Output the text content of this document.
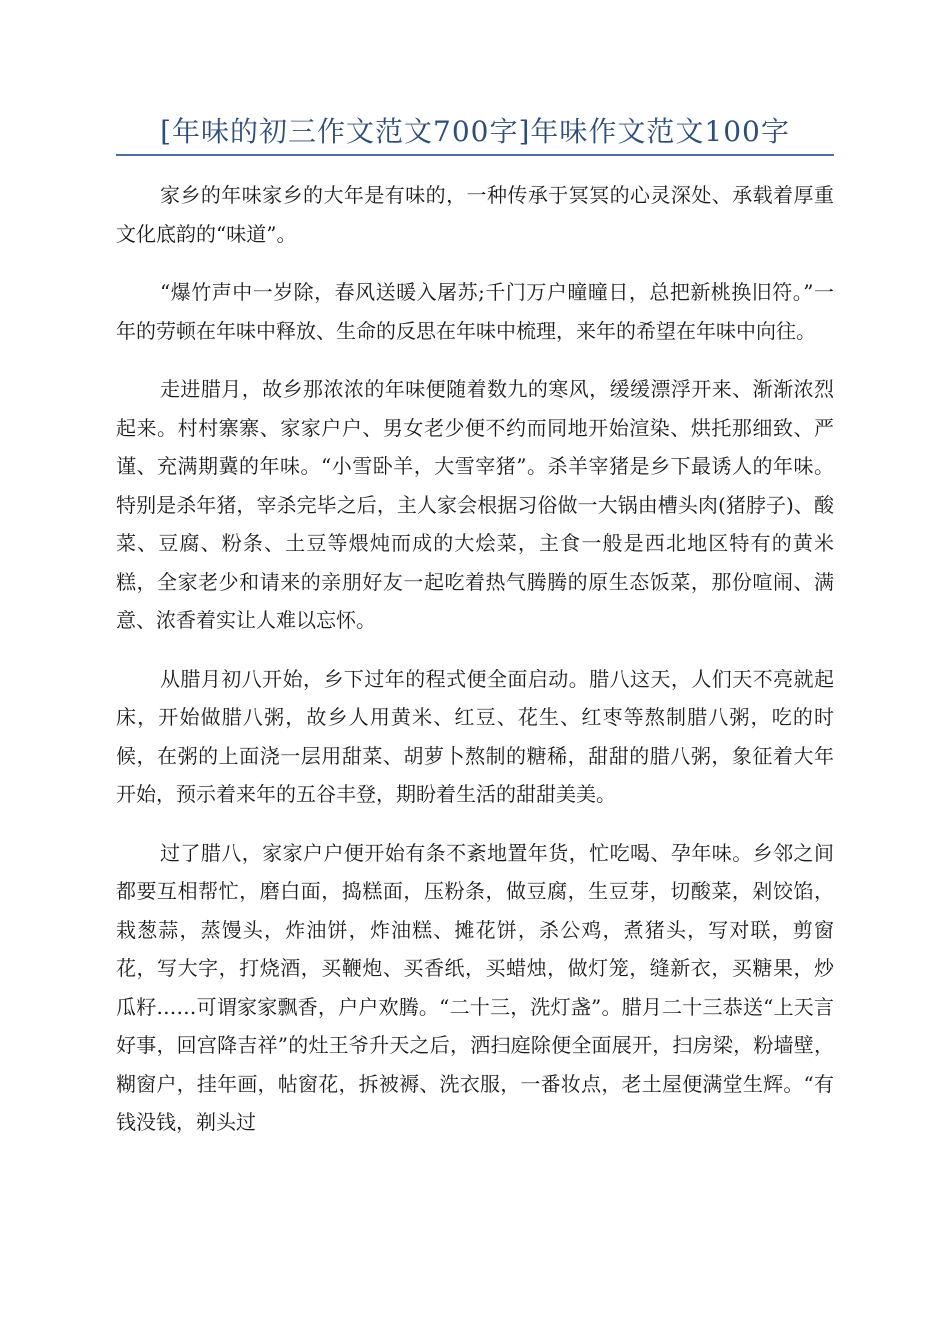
[年味的初三作文范文700字]年味作文范文100字

家乡的年味家乡的大年是有味的，一种传承于冥冥的心灵深处、承载着厚重文化底韵的“味道”。

“爆竹声中一岁除，春风送暖入屠苏;千门万户曈曈日，总把新桃换旧符。”一年的劳顿在年味中释放、生命的反思在年味中梳理，来年的希望在年味中向往。

走进腊月，故乡那浓浓的年味便随着数九的寒风，缓缓漂浮开来、渐渐浓烈起来。村村寨寨、家家户户、男女老少便不约而同地开始渲染、烘托那细致、严谨、充满期冀的年味。“小雪卧羊，大雪宰猪”。杀羊宰猪是乡下最诱人的年味。特别是杀年猪，宰杀完毕之后，主人家会根据习俗做一大锅由槽头肉(猪脖子)、酸菜、豆腐、粉条、土豆等煨炖而成的大烩菜，主食一般是西北地区特有的黄米糕，全家老少和请来的亲朋好友一起吃着热气腾腾的原生态饭菜，那份喧闹、满意、浓香着实让人难以忘怀。

从腊月初八开始，乡下过年的程式便全面启动。腊八这天，人们天不亮就起床，开始做腊八粥，故乡人用黄米、红豆、花生、红枣等熬制腊八粥，吃的时候，在粥的上面浇一层用甜菜、胡萝卜熬制的糖稀，甜甜的腊八粥，象征着大年开始，预示着来年的五谷丰登，期盼着生活的甜甜美美。

过了腊八，家家户户便开始有条不紊地置年货，忙吃喝、孕年味。乡邻之间都要互相帮忙，磨白面，捣糕面，压粉条，做豆腐，生豆芽，切酸菜，剁饺馅，栽葱蒜，蒸馒头，炸油饼，炸油糕、摊花饼，杀公鸡，煮猪头，写对联，剪窗花，写大字，打烧酒，买鞭炮、买香纸，买蜡烛，做灯笼，缝新衣，买糖果，炒瓜籽……可谓家家飘香，户户欢腾。“二十三，洗灯盏”。腊月二十三恭送“上天言好事，回宫降吉祥”的灶王爷升天之后，洒扫庭除便全面展开，扫房梁，粉墙壁，糊窗户，挂年画，帖窗花，拆被褥、洗衣服，一番妆点，老土屋便满堂生辉。“有钱没钱，剃头过
